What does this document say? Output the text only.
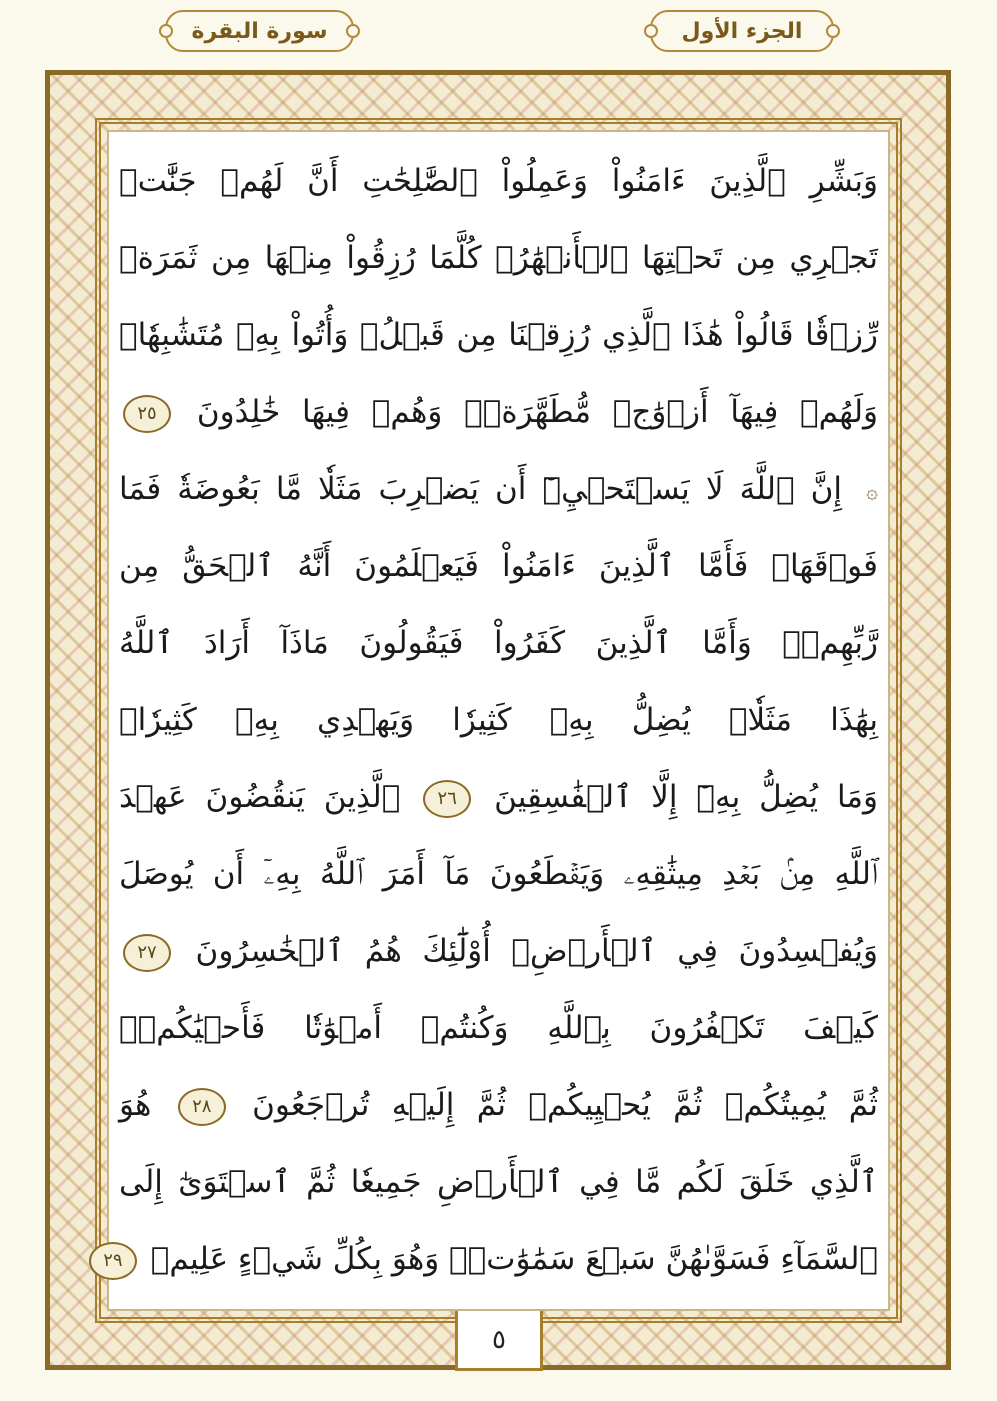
الجزء الأول
سورة البقرة
وَبَشِّرِ ٱلَّذِينَ ءَامَنُواْ وَعَمِلُواْ ٱلصَّٰلِحَٰتِ أَنَّ لَهُمۡ جَنَّٰتٖ
تَجۡرِي مِن تَحۡتِهَا ٱلۡأَنۡهَٰرُۖ كُلَّمَا رُزِقُواْ مِنۡهَا مِن ثَمَرَةٖ
رِّزۡقٗا قَالُواْ هَٰذَا ٱلَّذِي رُزِقۡنَا مِن قَبۡلُۖ وَأُتُواْ بِهِۦ مُتَشَٰبِهٗاۖ
وَلَهُمۡ فِيهَآ أَزۡوَٰجٞ مُّطَهَّرَةٞۖ وَهُمۡ فِيهَا خَٰلِدُونَ ٢٥
۞إِنَّ ٱللَّهَ لَا يَسۡتَحۡيِۦٓ أَن يَضۡرِبَ مَثَلٗا مَّا بَعُوضَةٗ فَمَا
فَوۡقَهَاۚ فَأَمَّا ٱلَّذِينَ ءَامَنُواْ فَيَعۡلَمُونَ أَنَّهُ ٱلۡحَقُّ مِن
رَّبِّهِمۡۖ وَأَمَّا ٱلَّذِينَ كَفَرُواْ فَيَقُولُونَ مَاذَآ أَرَادَ ٱللَّهُ
بِهَٰذَا مَثَلٗاۘ يُضِلُّ بِهِۦ كَثِيرٗا وَيَهۡدِي بِهِۦ كَثِيرٗاۚ
وَمَا يُضِلُّ بِهِۦٓ إِلَّا ٱلۡفَٰسِقِينَ ٢٦ ٱلَّذِينَ يَنقُضُونَ عَهۡدَ
ٱللَّهِ مِنۢ بَعۡدِ مِيثَٰقِهِۦ وَيَقۡطَعُونَ مَآ أَمَرَ ٱللَّهُ بِهِۦٓ أَن يُوصَلَ
وَيُفۡسِدُونَ فِي ٱلۡأَرۡضِۚ أُوْلَٰٓئِكَ هُمُ ٱلۡخَٰسِرُونَ ٢٧
كَيۡفَ تَكۡفُرُونَ بِٱللَّهِ وَكُنتُمۡ أَمۡوَٰتٗا فَأَحۡيَٰكُمۡۖ
ثُمَّ يُمِيتُكُمۡ ثُمَّ يُحۡيِيكُمۡ ثُمَّ إِلَيۡهِ تُرۡجَعُونَ ٢٨ هُوَ
ٱلَّذِي خَلَقَ لَكُم مَّا فِي ٱلۡأَرۡضِ جَمِيعٗا ثُمَّ ٱسۡتَوَىٰٓ إِلَى
ٱلسَّمَآءِ فَسَوَّىٰهُنَّ سَبۡعَ سَمَٰوَٰتٖۚ وَهُوَ بِكُلِّ شَيۡءٍ عَلِيمٞ ٢٩
٥
